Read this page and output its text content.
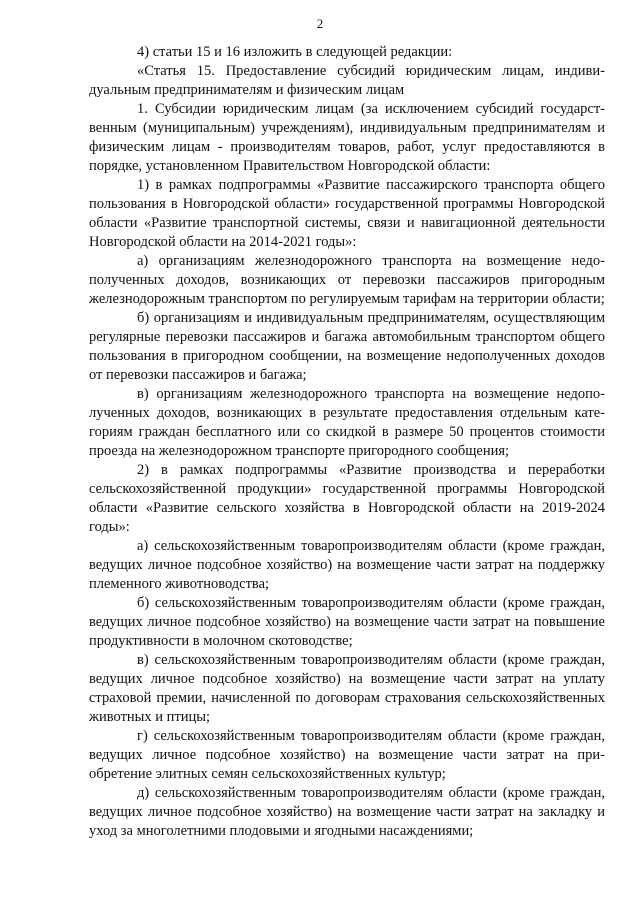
2

4) статьи 15 и 16 изложить в следующей редакции:

«Статья 15. Предоставление субсидий юридическим лицам, индивидуальным предпринимателям и физическим лицам

1. Субсидии юридическим лицам (за исключением субсидий государственным (муниципальным) учреждениям), индивидуальным предпринимателям и физическим лицам - производителям товаров, работ, услуг предоставляются в порядке, установленном Правительством Новгородской области:

1) в рамках подпрограммы «Развитие пассажирского транспорта общего пользования в Новгородской области» государственной программы Новгородской области «Развитие транспортной системы, связи и навигационной деятельности Новгородской области на 2014-2021 годы»:

а) организациям железнодорожного транспорта на возмещение недополученных доходов, возникающих от перевозки пассажиров пригородным железнодорожным транспортом по регулируемым тарифам на территории области;

б) организациям и индивидуальным предпринимателям, осуществляющим регулярные перевозки пассажиров и багажа автомобильным транспортом общего пользования в пригородном сообщении, на возмещение недополученных доходов от перевозки пассажиров и багажа;

в) организациям железнодорожного транспорта на возмещение недополученных доходов, возникающих в результате предоставления отдельным категориям граждан бесплатного или со скидкой в размере 50 процентов стоимости проезда на железнодорожном транспорте пригородного сообщения;

2) в рамках подпрограммы «Развитие производства и переработки сельскохозяйственной продукции» государственной программы Новгородской области «Развитие сельского хозяйства в Новгородской области на 2019-2024 годы»:

а) сельскохозяйственным товаропроизводителям области (кроме граждан, ведущих личное подсобное хозяйство) на возмещение части затрат на поддержку племенного животноводства;

б) сельскохозяйственным товаропроизводителям области (кроме граждан, ведущих личное подсобное хозяйство) на возмещение части затрат на повышение продуктивности в молочном скотоводстве;

в) сельскохозяйственным товаропроизводителям области (кроме граждан, ведущих личное подсобное хозяйство) на возмещение части затрат на уплату страховой премии, начисленной по договорам страхования сельскохозяйственных животных и птицы;

г) сельскохозяйственным товаропроизводителям области (кроме граждан, ведущих личное подсобное хозяйство) на возмещение части затрат на приобретение элитных семян сельскохозяйственных культур;

д) сельскохозяйственным товаропроизводителям области (кроме граждан, ведущих личное подсобное хозяйство) на возмещение части затрат на закладку и уход за многолетними плодовыми и ягодными насаждениями;
